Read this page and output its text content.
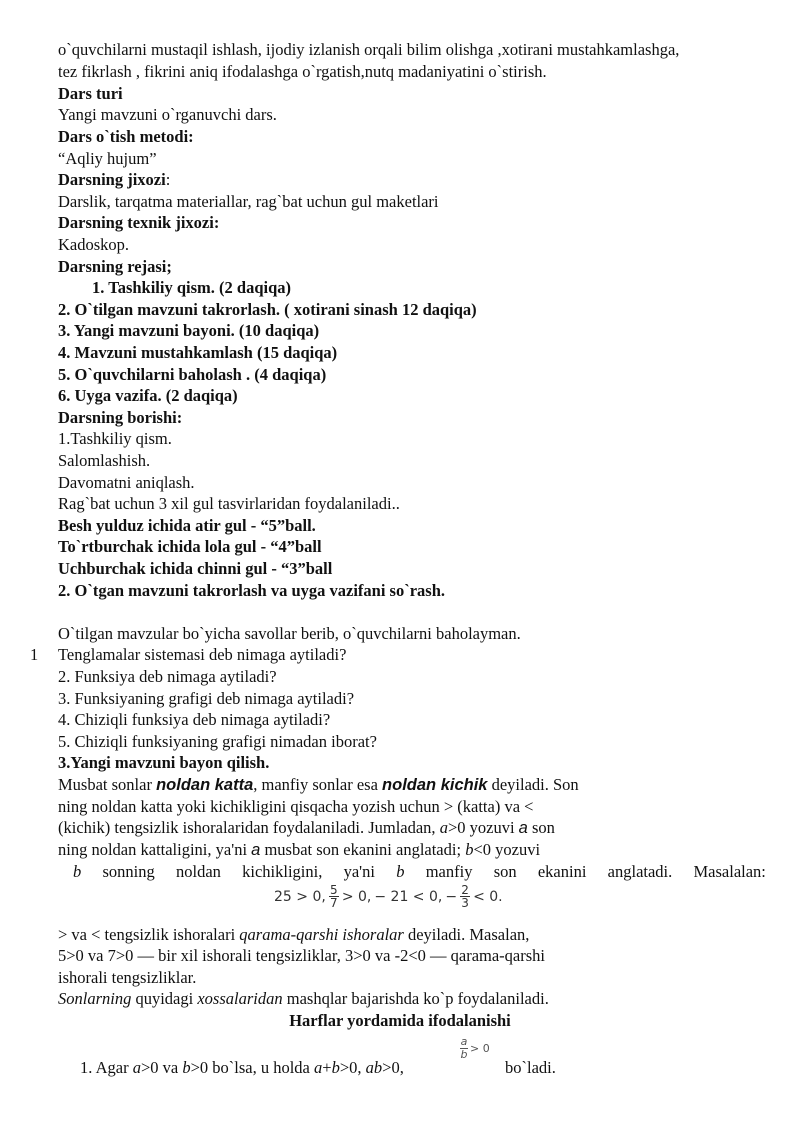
o`quvchilarni mustaqil ishlash, ijodiy izlanish orqali bilim olishga ,xotirani mustahkamlashga,
tez fikrlash , fikrini aniq ifodalashga o`rgatish,nutq madaniyatini o`stirish.
Dars turi
Yangi mavzuni o`rganuvchi dars.
Dars o`tish metodi:
“Aqliy hujum”
Darsning jixozi:
Darslik, tarqatma materiallar, rag`bat uchun gul maketlari
Darsning texnik jixozi:
Kadoskop.
Darsning rejasi;
1. Tashkiliy qism. (2 daqiqa)
2. O`tilgan mavzuni takrorlash. ( xotirani sinash 12 daqiqa)
3. Yangi mavzuni bayoni. (10 daqiqa)
4. Mavzuni mustahkamlash (15 daqiqa)
5. O`quvchilarni baholash . (4 daqiqa)
6. Uyga vazifa. (2 daqiqa)
Darsning borishi:
1.Tashkiliy qism.
Salomlashish.
Davomatni aniqlash.
Rag`bat uchun 3 xil gul tasvirlaridan foydalaniladi..
Besh yulduz ichida atir gul - “5”ball.
To`rtburchak ichida lola gul - “4”ball
Uchburchak ichida chinni gul - “3”ball
2. O`tgan mavzuni takrorlash va uyga vazifani so`rash.
O`tilgan mavzular bo`yicha savollar berib, o`quvchilarni baholayman.
1 Tenglamalar sistemasi deb nimaga aytiladi?
2. Funksiya deb nimaga aytiladi?
3. Funksiyaning grafigi deb nimaga aytiladi?
4. Chiziqli funksiya deb nimaga aytiladi?
5. Chiziqli funksiyaning grafigi nimadan iborat?
3.Yangi mavzuni bayon qilish.
Musbat sonlar noldan katta, manfiy sonlar esa noldan kichik deyiladi. Son
ning noldan katta yoki kichikligini qisqacha yozish uchun > (katta) va <
(kichik) tengsizlik ishoralaridan foydalaniladi. Jumladan, a>0 yozuvi a son
ning noldan kattaligini, ya'ni a musbat son ekanini anglatadi; b<0 yozuvi
b sonning noldan kichikligini, ya'ni b manfiy son ekanini anglatadi. Masalalan:
25 > 0, $\frac{5}{7} > 0$, − 21 < 0, − $\frac{2}{3} < 0$.
> va < tengsizlik ishoralari qarama-qarshi ishoralar deyiladi. Masalan,
5>0 va 7>0 — bir xil ishorali tengsizliklar, 3>0 va -2<0 — qarama-qarshi
ishorali tengsizliklar.
Sonlarning quyidagi xossalaridan mashqlar bajarishda ko`p foydalaniladi.
Harflar yordamida ifodalanishi
1. Agar a>0 va b>0 bo`lsa, u holda a+b>0, ab>0,
$\frac{a}{b} > 0$
bo`ladi.
